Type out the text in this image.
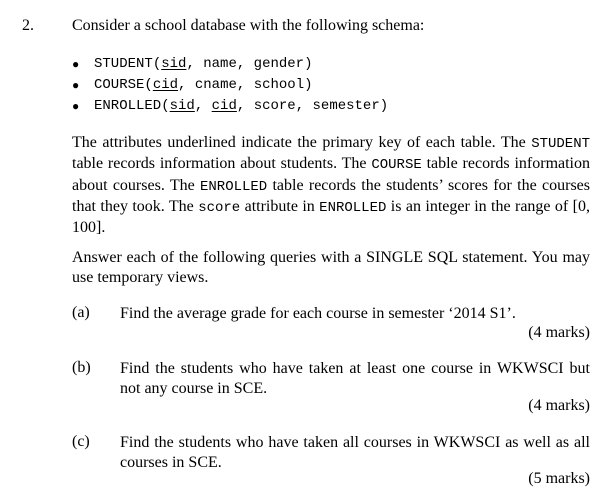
2. Consider a school database with the following schema:
●	STUDENT ( sid , name , gender )
●	COURSE ( cid , cname , school )
●	ENROLLED ( sid , cid , score , semester )
The attributes underlined indicate the primary key of each table. The STUDENT table records information about students. The COURSE table records information about courses. The ENROLLED table records the students’ scores for the courses that they took. The score attribute in ENROLLED is an integer in the range of [0, 100].
Answer each of the following queries with a SINGLE SQL statement. You may use temporary views.
(a) Find the average grade for each course in semester ‘2014 S1’.
(4 marks)
(b) Find the students who have taken at least one course in WKWSCI but not any course in SCE.
(4 marks)
(c) Find the students who have taken all courses in WKWSCI as well as all courses in SCE.
(5 marks)
